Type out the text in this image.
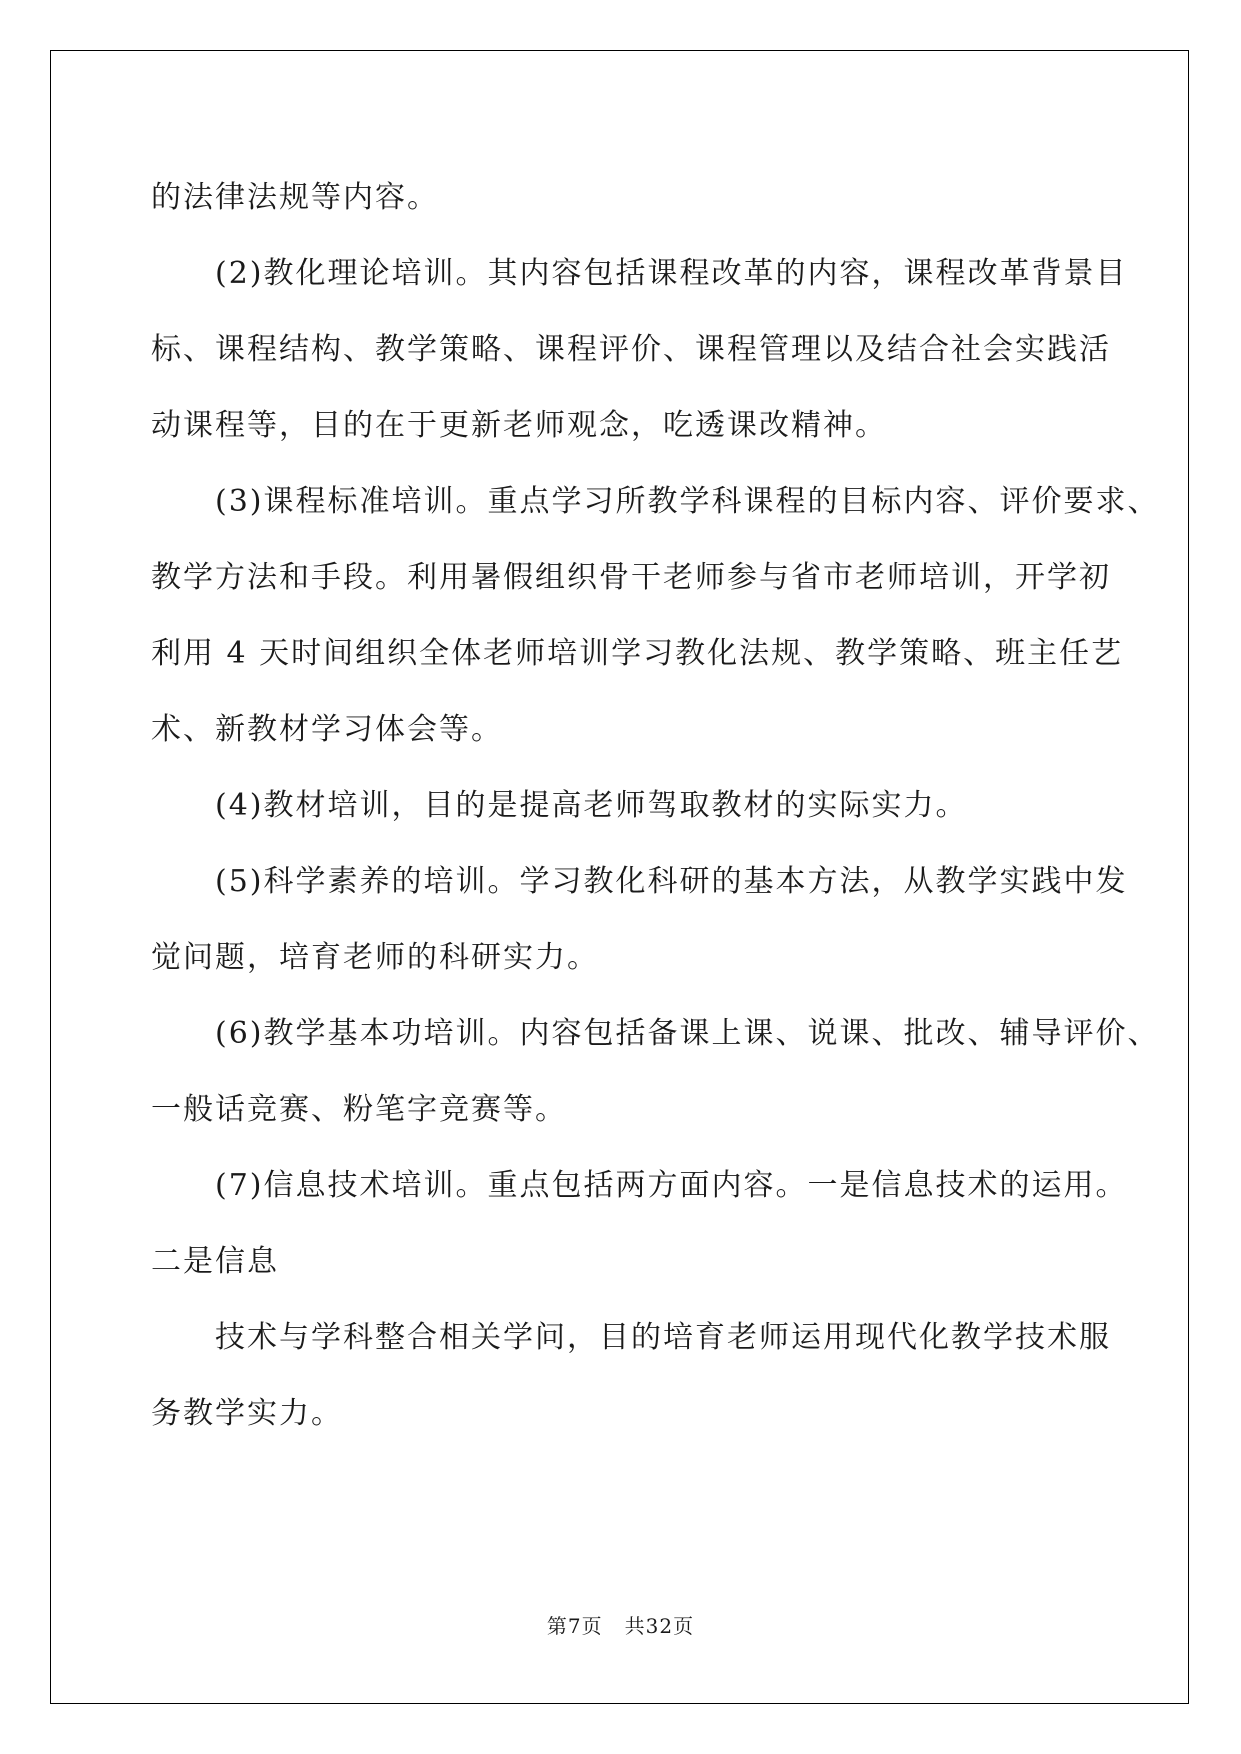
的法律法规等内容。
　　(2)教化理论培训。其内容包括课程改革的内容，课程改革背景目
标、课程结构、教学策略、课程评价、课程管理以及结合社会实践活
动课程等，目的在于更新老师观念，吃透课改精神。
　　(3)课程标准培训。重点学习所教学科课程的目标内容、评价要求、
教学方法和手段。利用暑假组织骨干老师参与省市老师培训，开学初
利用 4 天时间组织全体老师培训学习教化法规、教学策略、班主任艺
术、新教材学习体会等。
　　(4)教材培训，目的是提高老师驾取教材的实际实力。
　　(5)科学素养的培训。学习教化科研的基本方法，从教学实践中发
觉问题，培育老师的科研实力。
　　(6)教学基本功培训。内容包括备课上课、说课、批改、辅导评价、
一般话竞赛、粉笔字竞赛等。
　　(7)信息技术培训。重点包括两方面内容。一是信息技术的运用。
二是信息
　　技术与学科整合相关学问，目的培育老师运用现代化教学技术服
务教学实力。
第7页 共32页
